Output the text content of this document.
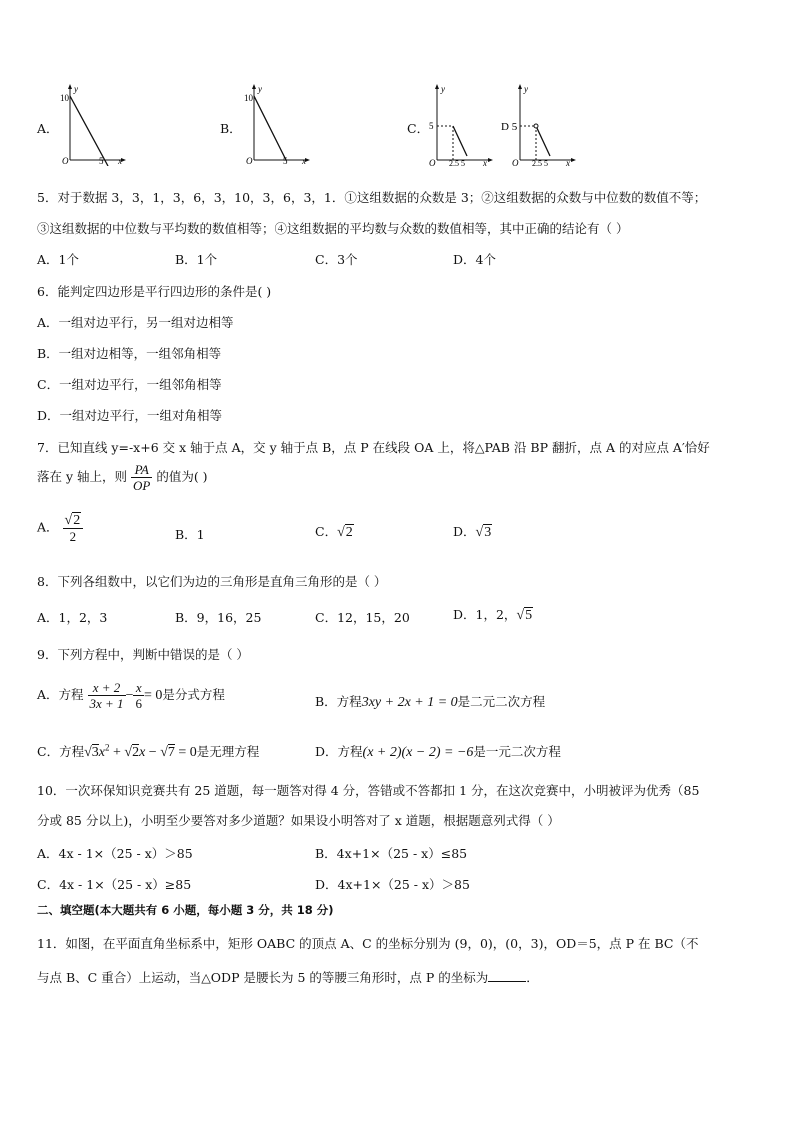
A．
y
10
O	5 x
B．
y
10
O	5 x
C．
y
5
O 2.5 5 x
y
D 5
O 2.5 5 x
5．对于数据 3，3，1，3，6，3，10，3，6，3，1．①这组数据的众数是 3；②这组数据的众数与中位数的数值不等；
③这组数据的中位数与平均数的数值相等；④这组数据的平均数与众数的数值相等，其中正确的结论有（ ）
A．1个	B．1个	C．3个	D．4个
6．能判定四边形是平行四边形的条件是( )
A．一组对边平行，另一组对边相等
B．一组对边相等，一组邻角相等
C．一组对边平行，一组邻角相等
D．一组对边平行，一组对角相等
7．已知直线 y=-x+6 交 x 轴于点 A，交 y 轴于点 B，点 P 在线段 OA 上，将△PAB 沿 BP 翻折，点 A 的对应点 A′恰好
落在 y 轴上，则 $\frac{PA}{OP}$ 的值为( )
A． $\frac{√2}{2}$	B．1	C．√2	D．√3
8．下列各组数中，以它们为边的三角形是直角三角形的是（ ）
A．1，2，3	B．9，16，25	C．12，15，20	D．1，2，√5
9．下列方程中，判断中错误的是（ ）
A．方程 $\frac{x + 2}{3x + 1} - \frac{x}{6} = 0$是分式方程	B．方程3xy + 2x + 1 = 0是二元二次方程
C．方程$√3x^2 + √2x - √7 = 0$是无理方程	D．方程(x + 2)(x − 2) = −6是一元二次方程
10．一次环保知识竞赛共有 25 道题，每一题答对得 4 分，答错或不答都扣 1 分，在这次竞赛中，小明被评为优秀（85
分或 85 分以上)，小明至少要答对多少道题？如果设小明答对了 x 道题，根据题意列式得（ ）
A．4x - 1×（25 - x）＞85	B．4x+1×（25 - x）≤85
C．4x - 1×（25 - x）≥85	D．4x+1×（25 - x）＞85
二、填空题(本大题共有 6 小题，每小题 3 分，共 18 分)
11．如图，在平面直角坐标系中，矩形 OABC 的顶点 A、C 的坐标分别为 (9，0)，(0，3)，OD＝5，点 P 在 BC（不
与点 B、C 重合）上运动，当△ODP 是腰长为 5 的等腰三角形时，点 P 的坐标为	．
